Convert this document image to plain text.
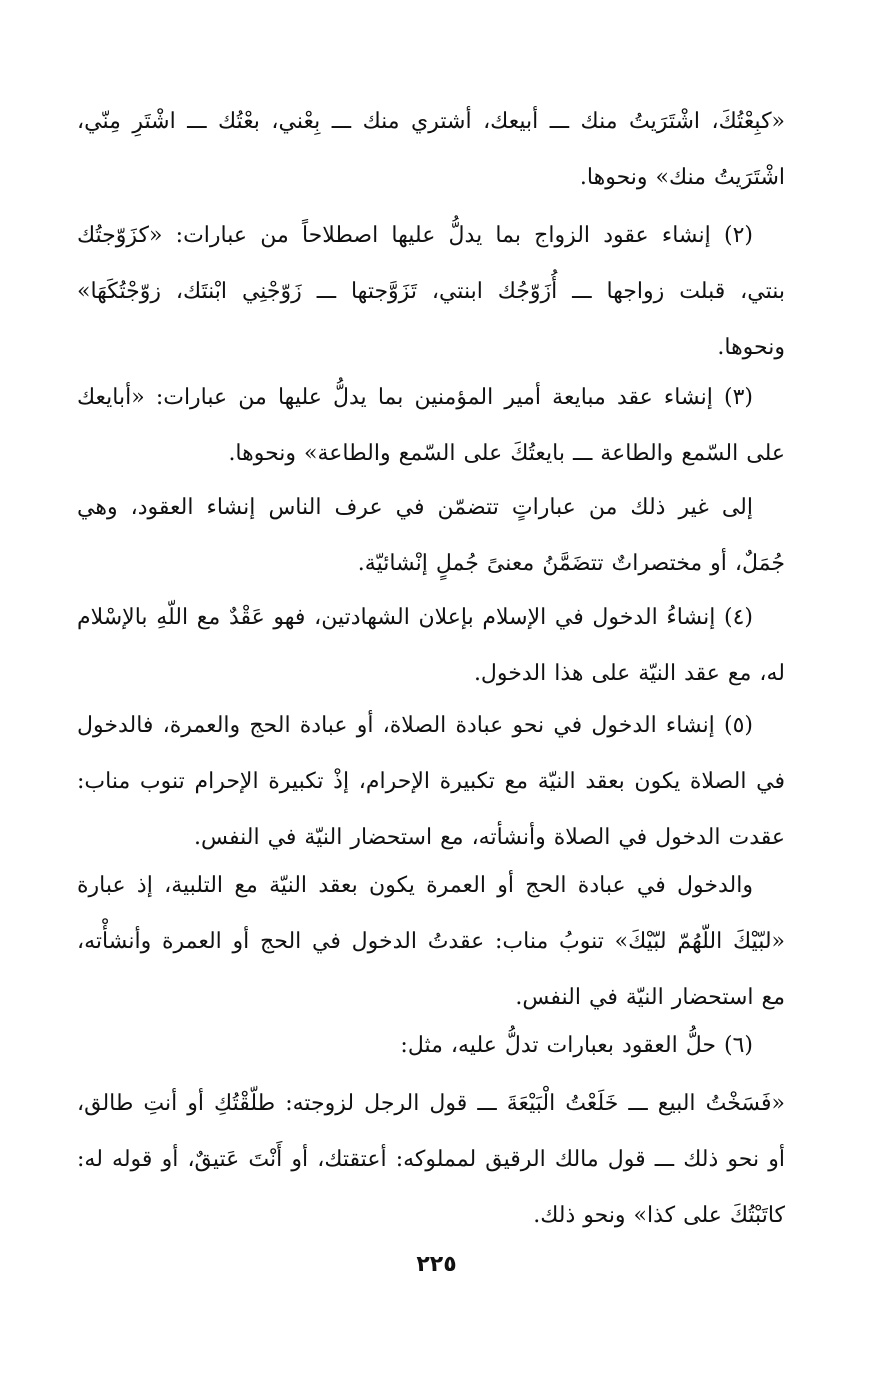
«كبِعْتُكَ، اشْتَرَيتُ منك ـــ أبيعك، أشتري منك ـــ بِعْني، بعْتُك ـــ اشْتَرِ مِنّي، اشْتَرَيتُ منك» ونحوها.

(٢) إنشاء عقود الزواج بما يدلُّ عليها اصطلاحاً من عبارات: «كزَوّجتُك بنتي، قبلت زواجها ـــ أُزَوّجُك ابنتي، تَزَوَّجتها ـــ زَوّجْنِي ابْنتَك، زوّجْتُكَهَا» ونحوها.

(٣) إنشاء عقد مبايعة أمير المؤمنين بما يدلُّ عليها من عبارات: «أبايعك على السّمع والطاعة ـــ بايعتُكَ على السّمع والطاعة» ونحوها.

إلى غير ذلك من عباراتٍ تتضمّن في عرف الناس إنشاء العقود، وهي جُمَلٌ، أو مختصراتٌ تتضَمَّنُ معنىً جُملٍ إنْشائيّة.

(٤) إنشاءُ الدخول في الإسلام بإعلان الشهادتين، فهو عَقْدٌ مع اللّهِ بالإسْلام له، مع عقد النيّة على هذا الدخول.

(٥) إنشاء الدخول في نحو عبادة الصلاة، أو عبادة الحج والعمرة، فالدخول في الصلاة يكون بعقد النيّة مع تكبيرة الإحرام، إذْ تكبيرة الإحرام تنوب مناب: عقدت الدخول في الصلاة وأنشأته، مع استحضار النيّة في النفس.

والدخول في عبادة الحج أو العمرة يكون بعقد النيّة مع التلبية، إذ عبارة «لبّيْكَ اللّهُمّ لبّيْكَ» تنوبُ مناب: عقدتُ الدخول في الحج أو العمرة وأنشأْته، مع استحضار النيّة في النفس.

(٦) حلُّ العقود بعبارات تدلُّ عليه، مثل:

«فَسَخْتُ البيع ـــ خَلَعْتُ الْبَيْعَةَ ـــ قول الرجل لزوجته: طلّقْتُكِ أو أنتِ طالق، أو نحو ذلك ـــ قول مالك الرقيق لمملوكه: أعتقتك، أو أَنْتَ عَتيقٌ، أو قوله له: كاتَبْتُكَ على كذا» ونحو ذلك.

٢٢٥
